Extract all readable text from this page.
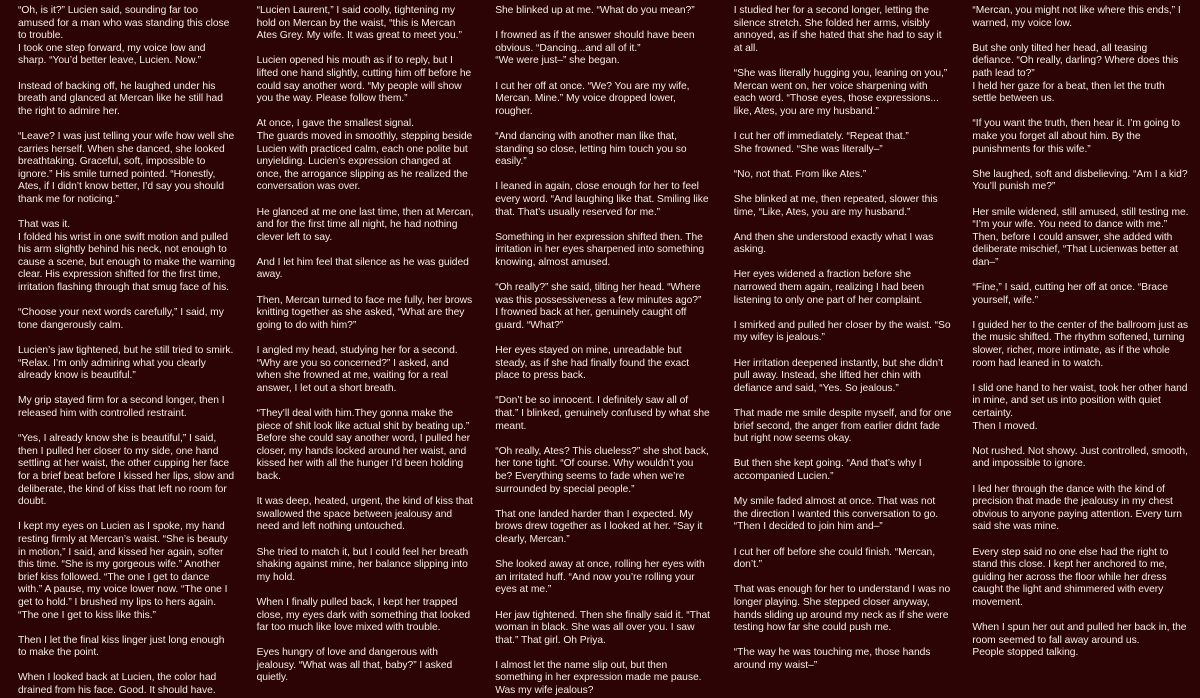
“Oh, is it?” Lucien said, sounding far too amused for a man who was standing this close to trouble.
I took one step forward, my voice low and sharp. “You’d better leave, Lucien. Now.”

Instead of backing off, he laughed under his breath and glanced at Mercan like he still had the right to admire her.

“Leave? I was just telling your wife how well she carries herself. When she danced, she looked breathtaking. Graceful, soft, impossible to ignore.” His smile turned pointed. “Honestly, Ates, if I didn’t know better, I’d say you should thank me for noticing.”

That was it.
I folded his wrist in one swift motion and pulled his arm slightly behind his neck, not enough to cause a scene, but enough to make the warning clear. His expression shifted for the first time, irritation flashing through that smug face of his.

“Choose your next words carefully,” I said, my tone dangerously calm.

Lucien’s jaw tightened, but he still tried to smirk. “Relax. I’m only admiring what you clearly already know is beautiful.”

My grip stayed firm for a second longer, then I released him with controlled restraint.

“Yes, I already know she is beautiful,” I said, then I pulled her closer to my side, one hand settling at her waist, the other cupping her face for a brief beat before I kissed her lips, slow and deliberate, the kind of kiss that left no room for doubt.

I kept my eyes on Lucien as I spoke, my hand resting firmly at Mercan’s waist. “She is beauty in motion,” I said, and kissed her again, softer this time. “She is my gorgeous wife.” Another brief kiss followed. “The one I get to dance with.” A pause, my voice lower now. “The one I get to hold.” I brushed my lips to hers again. “The one I get to kiss like this.”

Then I let the final kiss linger just long enough to make the point.

When I looked back at Lucien, the color had drained from his face. Good. It should have.

“Lucien Laurent,” I said coolly, tightening my hold on Mercan by the waist, “this is Mercan Ates Grey. My wife. It was great to meet you.”

Lucien opened his mouth as if to reply, but I lifted one hand slightly, cutting him off before he could say another word. “My people will show you the way. Please follow them.”

At once, I gave the smallest signal.
The guards moved in smoothly, stepping beside Lucien with practiced calm, each one polite but unyielding. Lucien’s expression changed at once, the arrogance slipping as he realized the conversation was over.

He glanced at me one last time, then at Mercan, and for the first time all night, he had nothing clever left to say.

And I let him feel that silence as he was guided away.

Then, Mercan turned to face me fully, her brows knitting together as she asked, “What are they going to do with him?”

I angled my head, studying her for a second. “Why are you so concerned?” I asked, and when she frowned at me, waiting for a real answer, I let out a short breath.

“They’ll deal with him.They gonna make the piece of shit look like actual shit by beating up.”
Before she could say another word, I pulled her closer, my hands locked around her waist, and kissed her with all the hunger I’d been holding back.

It was deep, heated, urgent, the kind of kiss that swallowed the space between jealousy and need and left nothing untouched.

She tried to match it, but I could feel her breath shaking against mine, her balance slipping into my hold.

When I finally pulled back, I kept her trapped close, my eyes dark with something that looked far too much like love mixed with trouble.

Eyes hungry of love and dangerous with jealousy. “What was all that, baby?” I asked quietly.

She blinked up at me. “What do you mean?”

I frowned as if the answer should have been obvious. “Dancing...and all of it.”
“We were just–” she began.

I cut her off at once. “We? You are my wife, Mercan. Mine.” My voice dropped lower, rougher.

“And dancing with another man like that, standing so close, letting him touch you so easily.”

I leaned in again, close enough for her to feel every word. “And laughing like that. Smiling like that. That’s usually reserved for me.”

Something in her expression shifted then. The irritation in her eyes sharpened into something knowing, almost amused.

“Oh really?” she said, tilting her head. “Where was this possessiveness a few minutes ago?”
I frowned back at her, genuinely caught off guard. “What?”

Her eyes stayed on mine, unreadable but steady, as if she had finally found the exact place to press back.

“Don’t be so innocent. I definitely saw all of that.” I blinked, genuinely confused by what she meant.

“Oh really, Ates? This clueless?” she shot back, her tone tight. “Of course. Why wouldn’t you be? Everything seems to fade when we’re surrounded by special people.”

That one landed harder than I expected. My brows drew together as I looked at her. “Say it clearly, Mercan.”

She looked away at once, rolling her eyes with an irritated huff. “And now you’re rolling your eyes at me.”

Her jaw tightened. Then she finally said it. “That woman in black. She was all over you. I saw that.” That girl. Oh Priya.

I almost let the name slip out, but then something in her expression made me pause. Was my wife jealous?

I studied her for a second longer, letting the silence stretch. She folded her arms, visibly annoyed, as if she hated that she had to say it at all.

“She was literally hugging you, leaning on you,” Mercan went on, her voice sharpening with each word. “Those eyes, those expressions... like, Ates, you are my husband.”

I cut her off immediately. “Repeat that.”
She frowned. “She was literally–”

“No, not that. From like Ates.”

She blinked at me, then repeated, slower this time, “Like, Ates, you are my husband.”

And then she understood exactly what I was asking.

Her eyes widened a fraction before she narrowed them again, realizing I had been listening to only one part of her complaint.

I smirked and pulled her closer by the waist. “So my wifey is jealous.”

Her irritation deepened instantly, but she didn’t pull away. Instead, she lifted her chin with defiance and said, “Yes. So jealous.”

That made me smile despite myself, and for one brief second, the anger from earlier didnt fade but right now seems okay.

But then she kept going. “And that’s why I accompanied Lucien.”

My smile faded almost at once. That was not the direction I wanted this conversation to go.
“Then I decided to join him and–”

I cut her off before she could finish. “Mercan, don’t.”

That was enough for her to understand I was no longer playing. She stepped closer anyway, hands sliding up around my neck as if she were testing how far she could push me.

“The way he was touching me, those hands around my waist–”

“Mercan, you might not like where this ends,” I warned, my voice low.

But she only tilted her head, all teasing defiance. “Oh really, darling? Where does this path lead to?”
I held her gaze for a beat, then let the truth settle between us.

“If you want the truth, then hear it. I’m going to make you forget all about him. By the punishments for this wife.”

She laughed, soft and disbelieving. “Am I a kid? You’ll punish me?”

Her smile widened, still amused, still testing me. “I’m your wife. You need to dance with me.” Then, before I could answer, she added with deliberate mischief, “That Lucienwas better at dan–”

“Fine,” I said, cutting her off at once. “Brace yourself, wife.”

I guided her to the center of the ballroom just as the music shifted. The rhythm softened, turning slower, richer, more intimate, as if the whole room had leaned in to watch.

I slid one hand to her waist, took her other hand in mine, and set us into position with quiet certainty.
Then I moved.

Not rushed. Not showy. Just controlled, smooth, and impossible to ignore.

I led her through the dance with the kind of precision that made the jealousy in my chest obvious to anyone paying attention. Every turn said she was mine.

Every step said no one else had the right to stand this close. I kept her anchored to me, guiding her across the floor while her dress caught the light and shimmered with every movement.

When I spun her out and pulled her back in, the room seemed to fall away around us.
People stopped talking.
